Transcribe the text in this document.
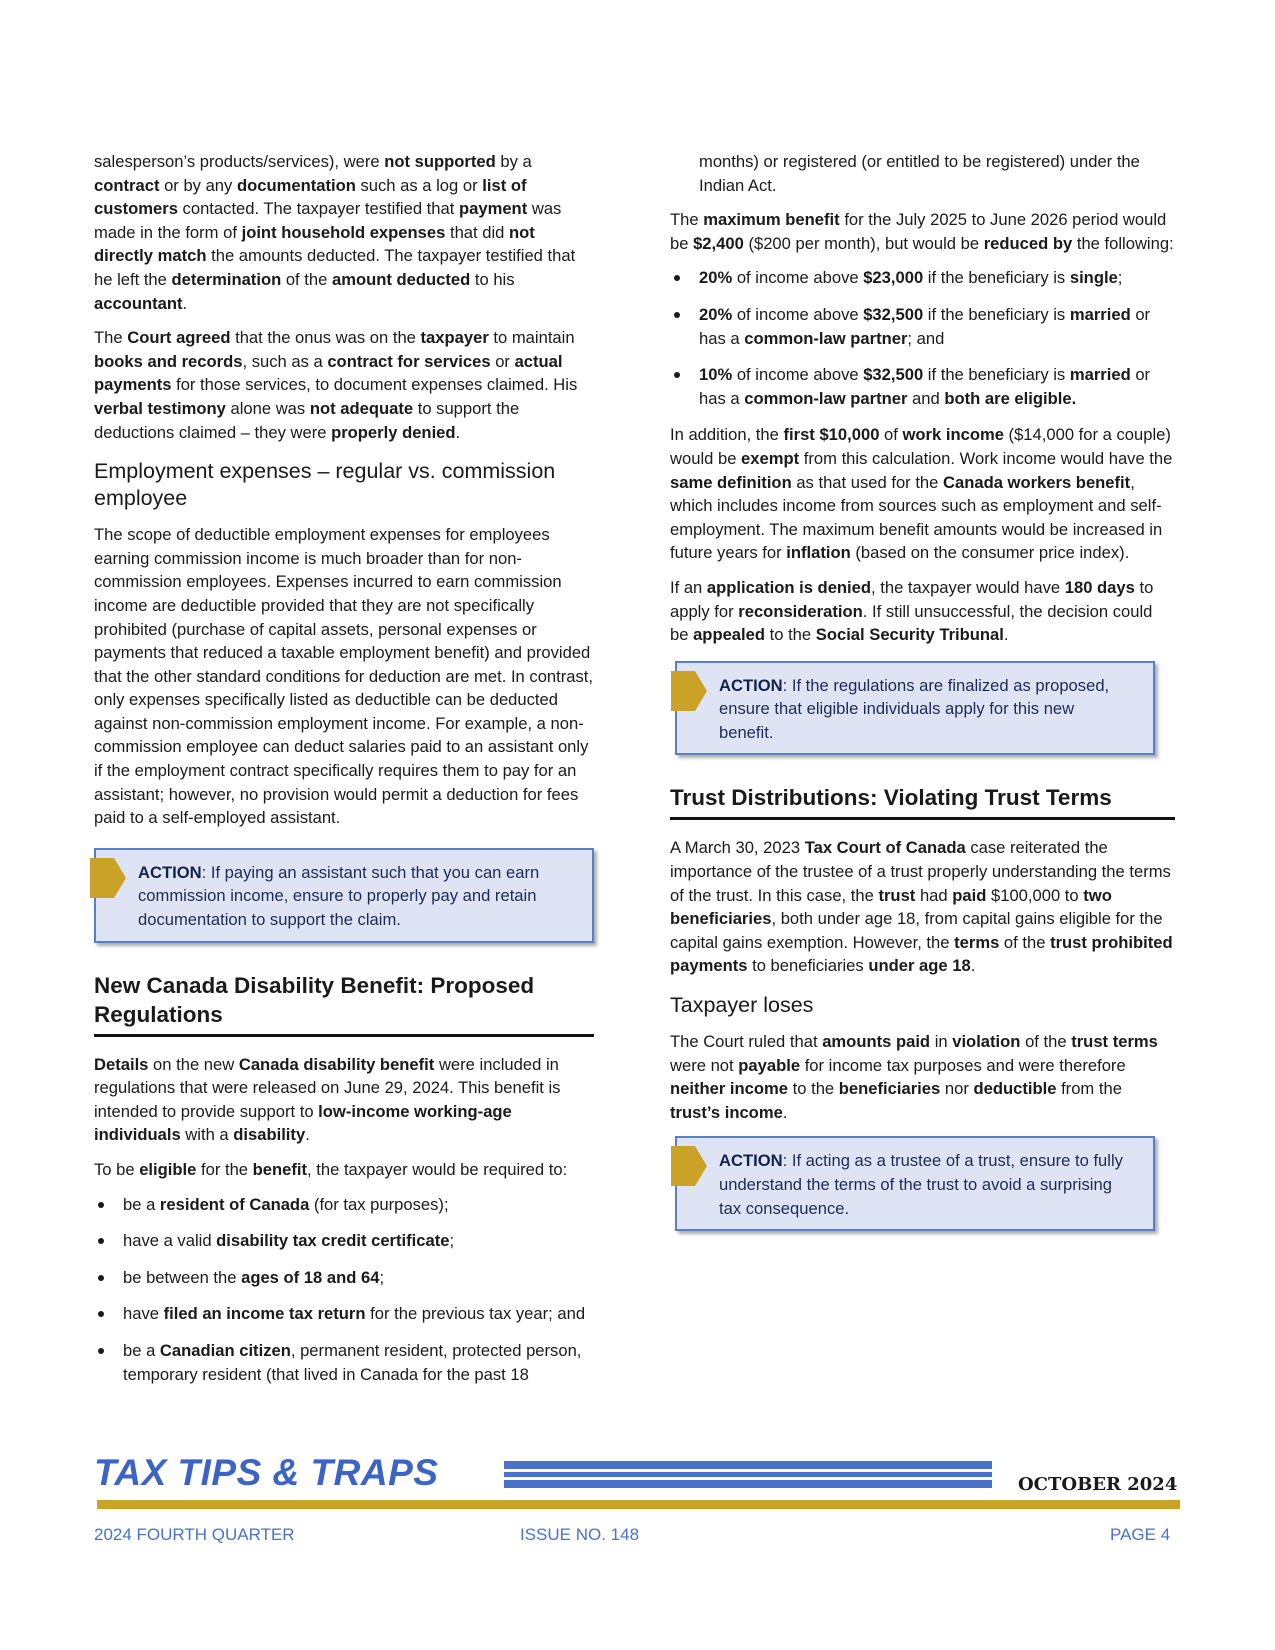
salesperson’s products/services), were not supported by a contract or by any documentation such as a log or list of customers contacted. The taxpayer testified that payment was made in the form of joint household expenses that did not directly match the amounts deducted. The taxpayer testified that he left the determination of the amount deducted to his accountant.

The Court agreed that the onus was on the taxpayer to maintain books and records, such as a contract for services or actual payments for those services, to document expenses claimed. His verbal testimony alone was not adequate to support the deductions claimed – they were properly denied.

Employment expenses – regular vs. commission employee

The scope of deductible employment expenses for employees earning commission income is much broader than for non-commission employees. Expenses incurred to earn commission income are deductible provided that they are not specifically prohibited (purchase of capital assets, personal expenses or payments that reduced a taxable employment benefit) and provided that the other standard conditions for deduction are met. In contrast, only expenses specifically listed as deductible can be deducted against non-commission employment income. For example, a non-commission employee can deduct salaries paid to an assistant only if the employment contract specifically requires them to pay for an assistant; however, no provision would permit a deduction for fees paid to a self-employed assistant.

ACTION: If paying an assistant such that you can earn commission income, ensure to properly pay and retain documentation to support the claim.
New Canada Disability Benefit: Proposed Regulations

Details on the new Canada disability benefit were included in regulations that were released on June 29, 2024. This benefit is intended to provide support to low-income working-age individuals with a disability.

To be eligible for the benefit, the taxpayer would be required to:

be a resident of Canada (for tax purposes);
have a valid disability tax credit certificate;
be between the ages of 18 and 64;
have filed an income tax return for the previous tax year; and
be a Canadian citizen, permanent resident, protected person, temporary resident (that lived in Canada for the past 18
months) or registered (or entitled to be registered) under the Indian Act.

The maximum benefit for the July 2025 to June 2026 period would be $2,400 ($200 per month), but would be reduced by the following:

20% of income above $23,000 if the beneficiary is single;
20% of income above $32,500 if the beneficiary is married or has a common-law partner; and
10% of income above $32,500 if the beneficiary is married or has a common-law partner and both are eligible.

In addition, the first $10,000 of work income ($14,000 for a couple) would be exempt from this calculation. Work income would have the same definition as that used for the Canada workers benefit, which includes income from sources such as employment and self-employment. The maximum benefit amounts would be increased in future years for inflation (based on the consumer price index).

If an application is denied, the taxpayer would have 180 days to apply for reconsideration. If still unsuccessful, the decision could be appealed to the Social Security Tribunal.

ACTION: If the regulations are finalized as proposed, ensure that eligible individuals apply for this new benefit.
Trust Distributions: Violating Trust Terms

A March 30, 2023 Tax Court of Canada case reiterated the importance of the trustee of a trust properly understanding the terms of the trust. In this case, the trust had paid $100,000 to two beneficiaries, both under age 18, from capital gains eligible for the capital gains exemption. However, the terms of the trust prohibited payments to beneficiaries under age 18.

Taxpayer loses

The Court ruled that amounts paid in violation of the trust terms were not payable for income tax purposes and were therefore neither income to the beneficiaries nor deductible from the trust’s income.

ACTION: If acting as a trustee of a trust, ensure to fully understand the terms of the trust to avoid a surprising tax consequence.
TAX TIPS & TRAPS	OCTOBER 2024
2024 FOURTH QUARTER	ISSUE NO. 148	PAGE 4
